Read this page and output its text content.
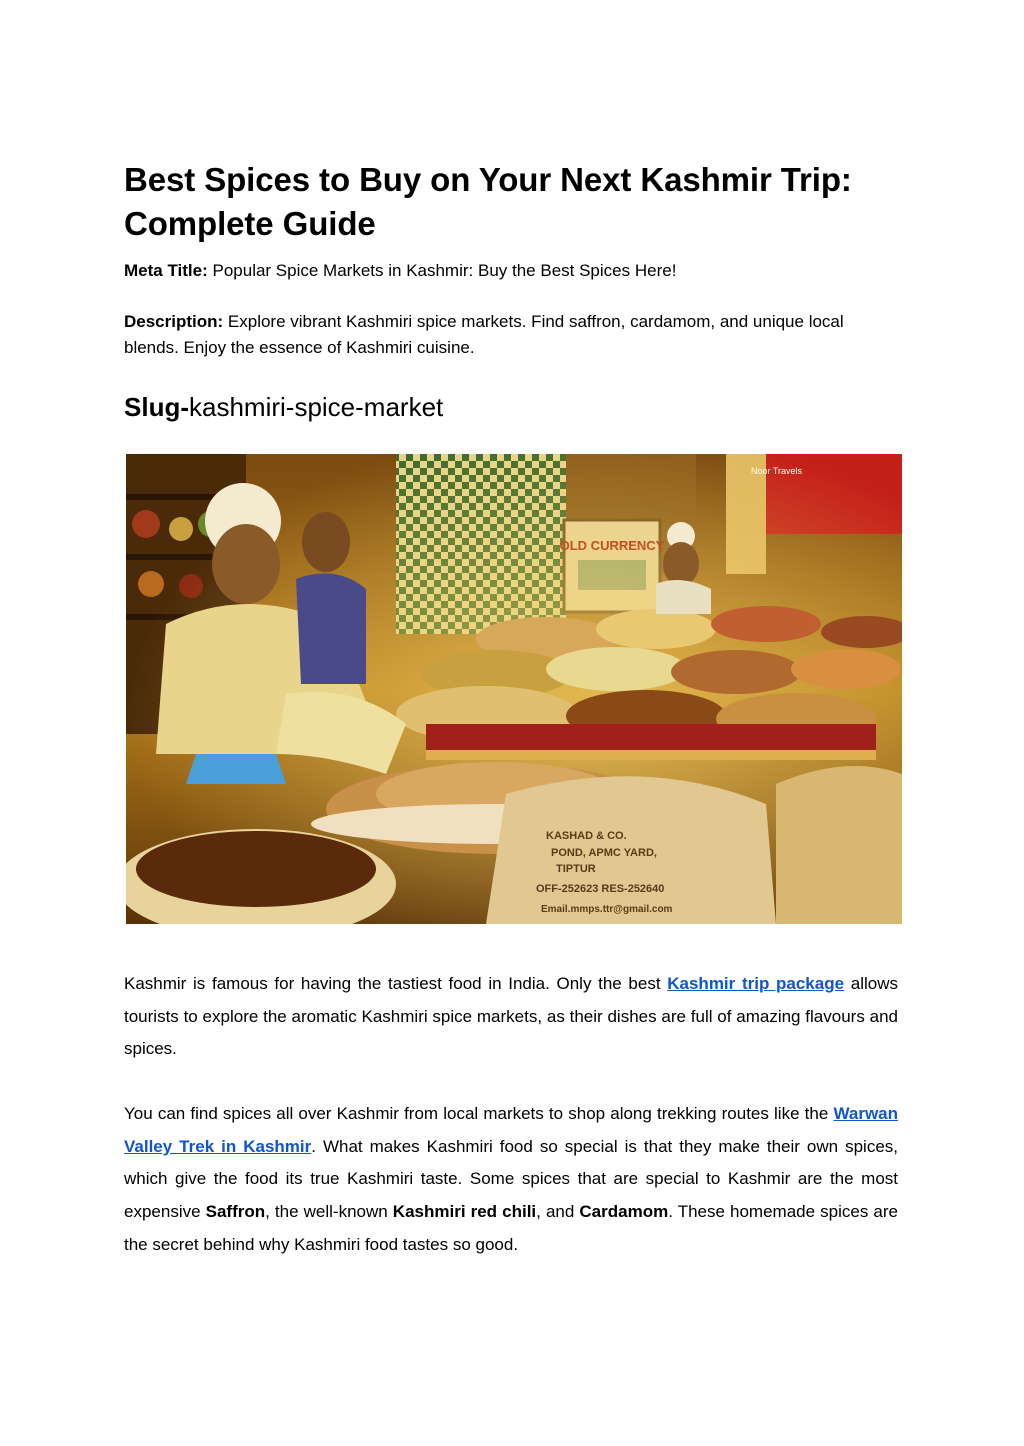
Best Spices to Buy on Your Next Kashmir Trip: Complete Guide
Meta Title: Popular Spice Markets in Kashmir: Buy the Best Spices Here!
Description: Explore vibrant Kashmiri spice markets. Find saffron, cardamom, and unique local blends. Enjoy the essence of Kashmiri cuisine.
Slug-kashmiri-spice-market
KASHAD & CO.
POND, APMC YARD,
TIPTUR
OFF-252623 RES-252640
Email.mmps.ttr@gmail.com

Kashmir is famous for having the tastiest food in India. Only the best Kashmir trip package allows tourists to explore the aromatic Kashmiri spice markets, as their dishes are full of amazing flavours and spices.

You can find spices all over Kashmir from local markets to shop along trekking routes like the Warwan Valley Trek in Kashmir. What makes Kashmiri food so special is that they make their own spices, which give the food its true Kashmiri taste. Some spices that are special to Kashmir are the most expensive Saffron, the well-known Kashmiri red chili, and Cardamom. These homemade spices are the secret behind why Kashmiri food tastes so good.
